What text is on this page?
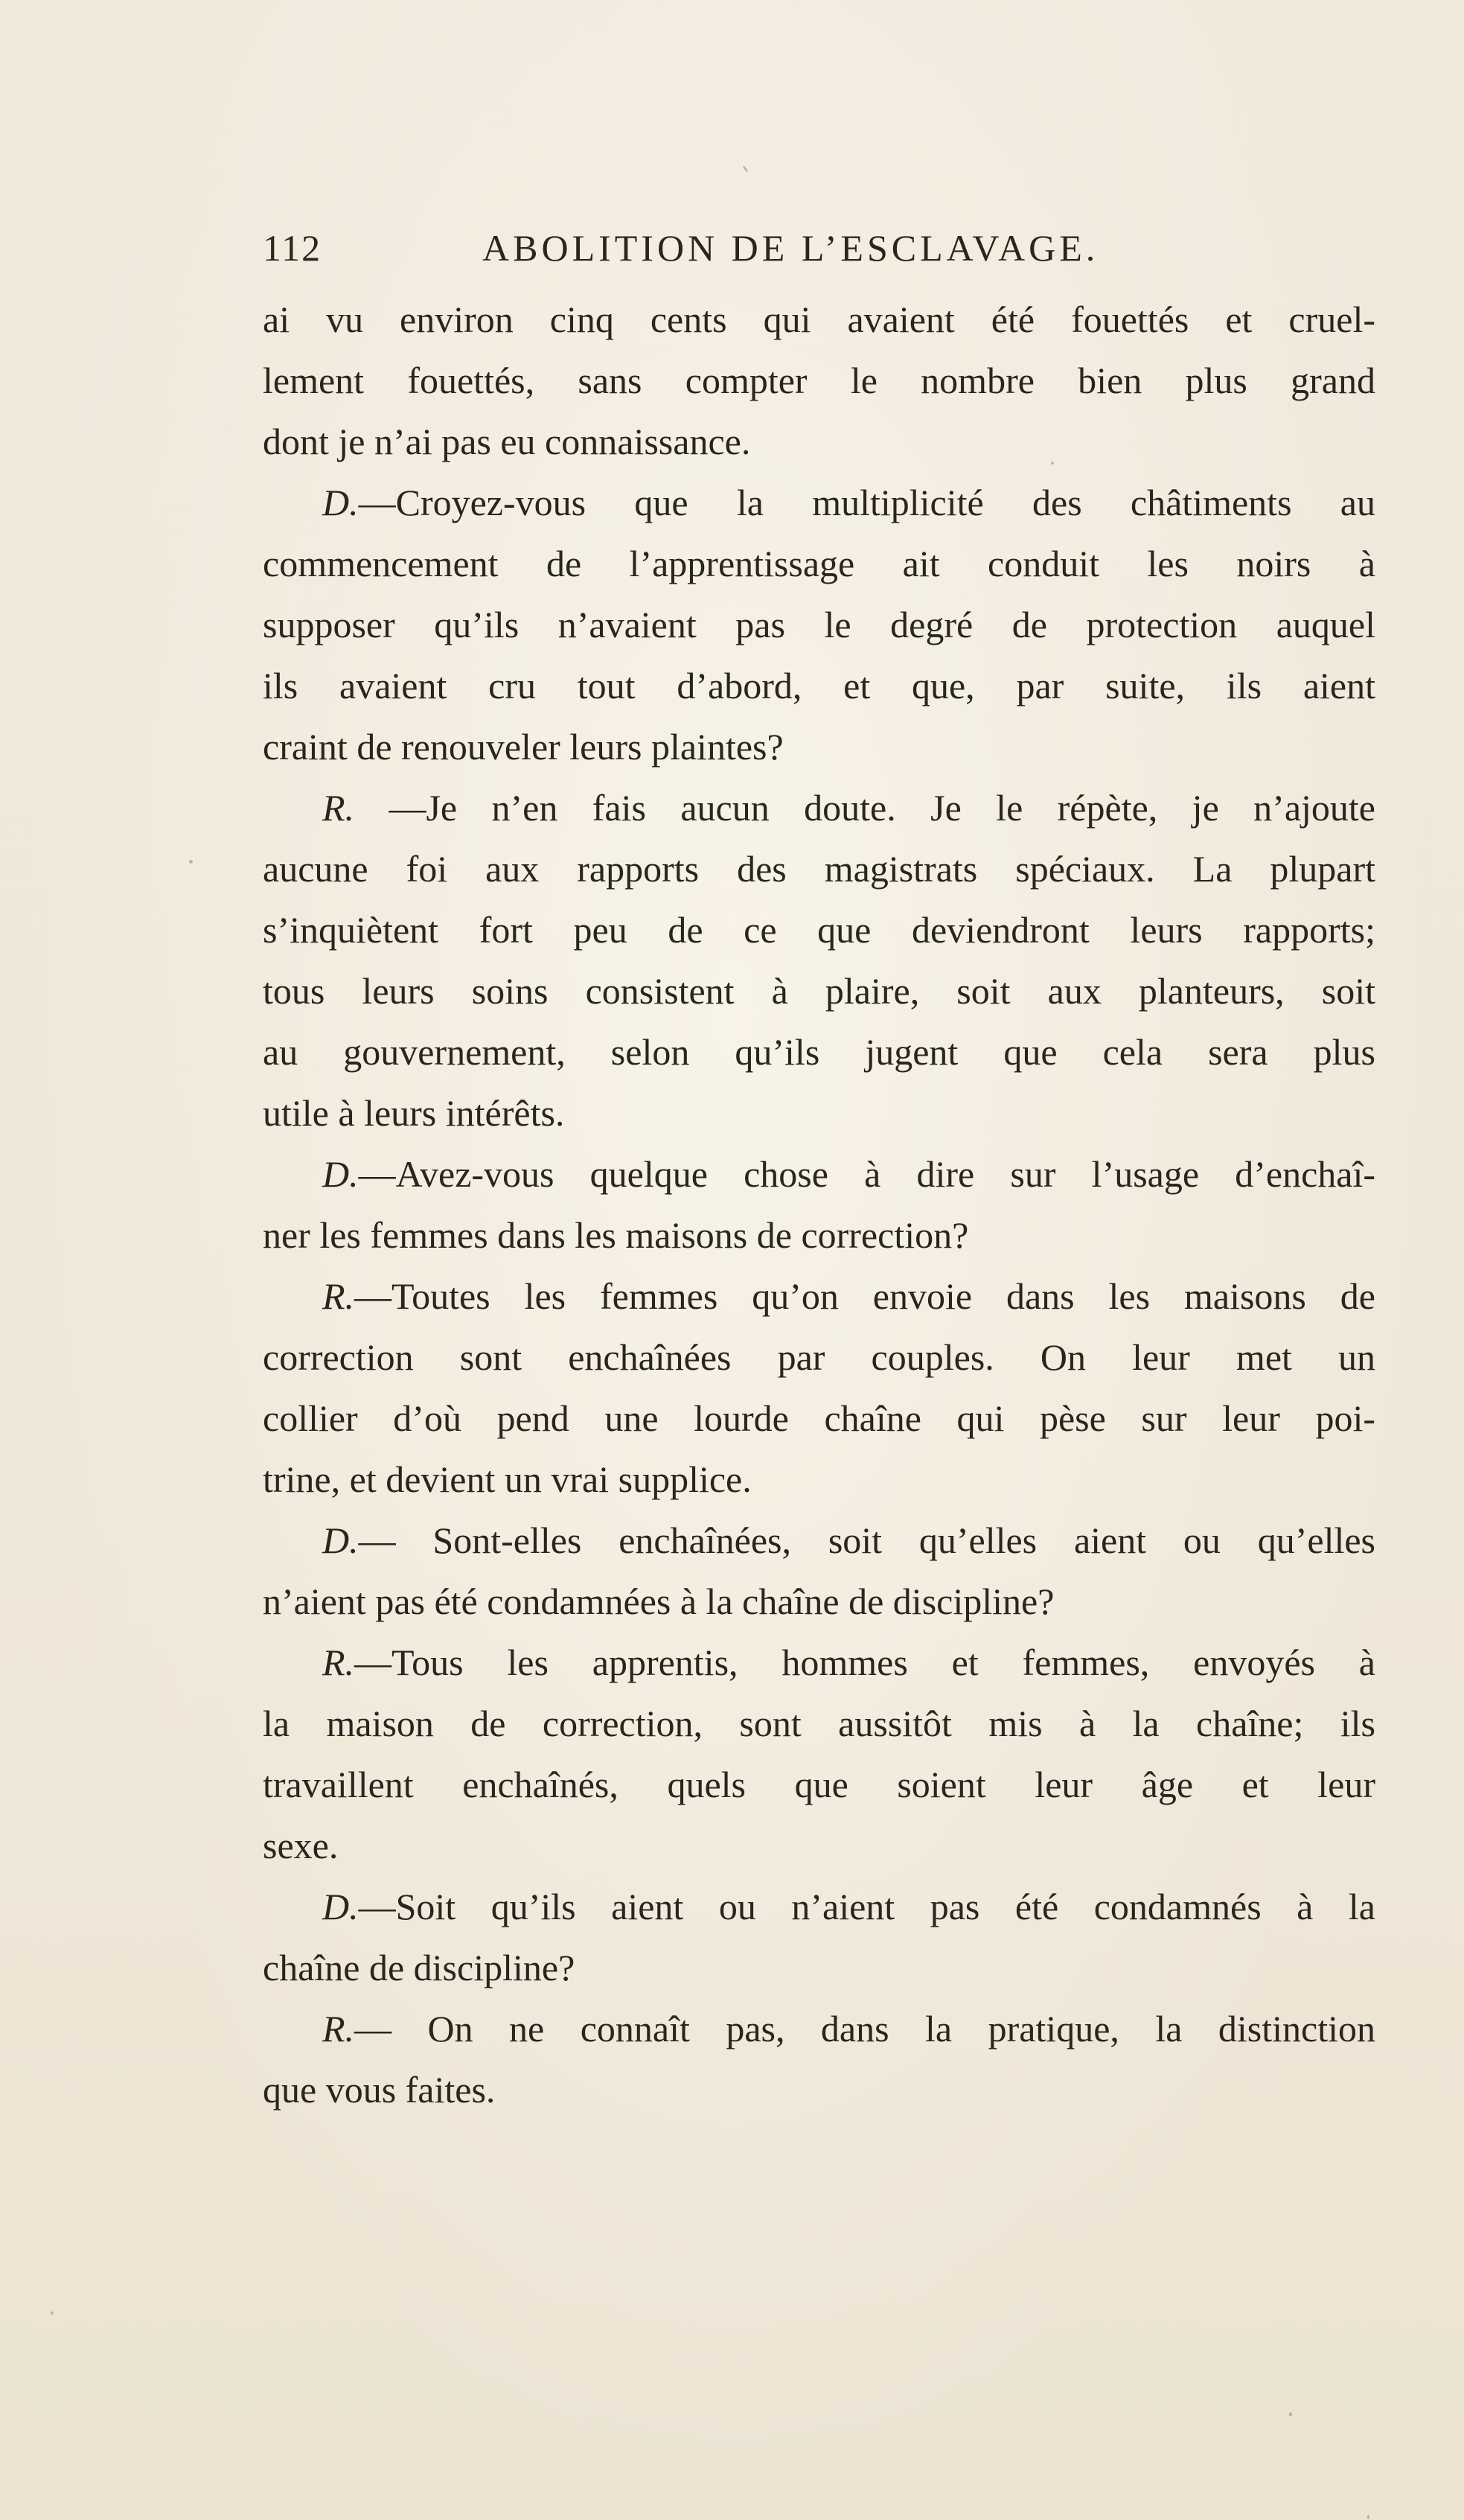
112	ABOLITION DE L’ESCLAVAGE.
ai vu environ cinq cents qui avaient été fouettés et cruel-
lement fouettés, sans compter le nombre bien plus grand
dont je n’ai pas eu connaissance.
D.—Croyez-vous que la multiplicité des châtiments au
commencement de l’apprentissage ait conduit les noirs à
supposer qu’ils n’avaient pas le degré de protection auquel
ils avaient cru tout d’abord, et que, par suite, ils aient
craint de renouveler leurs plaintes?
R. —Je n’en fais aucun doute. Je le répète, je n’ajoute
aucune foi aux rapports des magistrats spéciaux. La plupart
s’inquiètent fort peu de ce que deviendront leurs rapports;
tous leurs soins consistent à plaire, soit aux planteurs, soit
au gouvernement, selon qu’ils jugent que cela sera plus
utile à leurs intérêts.
D.—Avez-vous quelque chose à dire sur l’usage d’enchaî-
ner les femmes dans les maisons de correction?
R.—Toutes les femmes qu’on envoie dans les maisons de
correction sont enchaînées par couples. On leur met un
collier d’où pend une lourde chaîne qui pèse sur leur poi-
trine, et devient un vrai supplice.
D.— Sont-elles enchaînées, soit qu’elles aient ou qu’elles
n’aient pas été condamnées à la chaîne de discipline?
R.—Tous les apprentis, hommes et femmes, envoyés à
la maison de correction, sont aussitôt mis à la chaîne; ils
travaillent enchaînés, quels que soient leur âge et leur
sexe.
D.—Soit qu’ils aient ou n’aient pas été condamnés à la
chaîne de discipline?
R.— On ne connaît pas, dans la pratique, la distinction
que vous faites.
